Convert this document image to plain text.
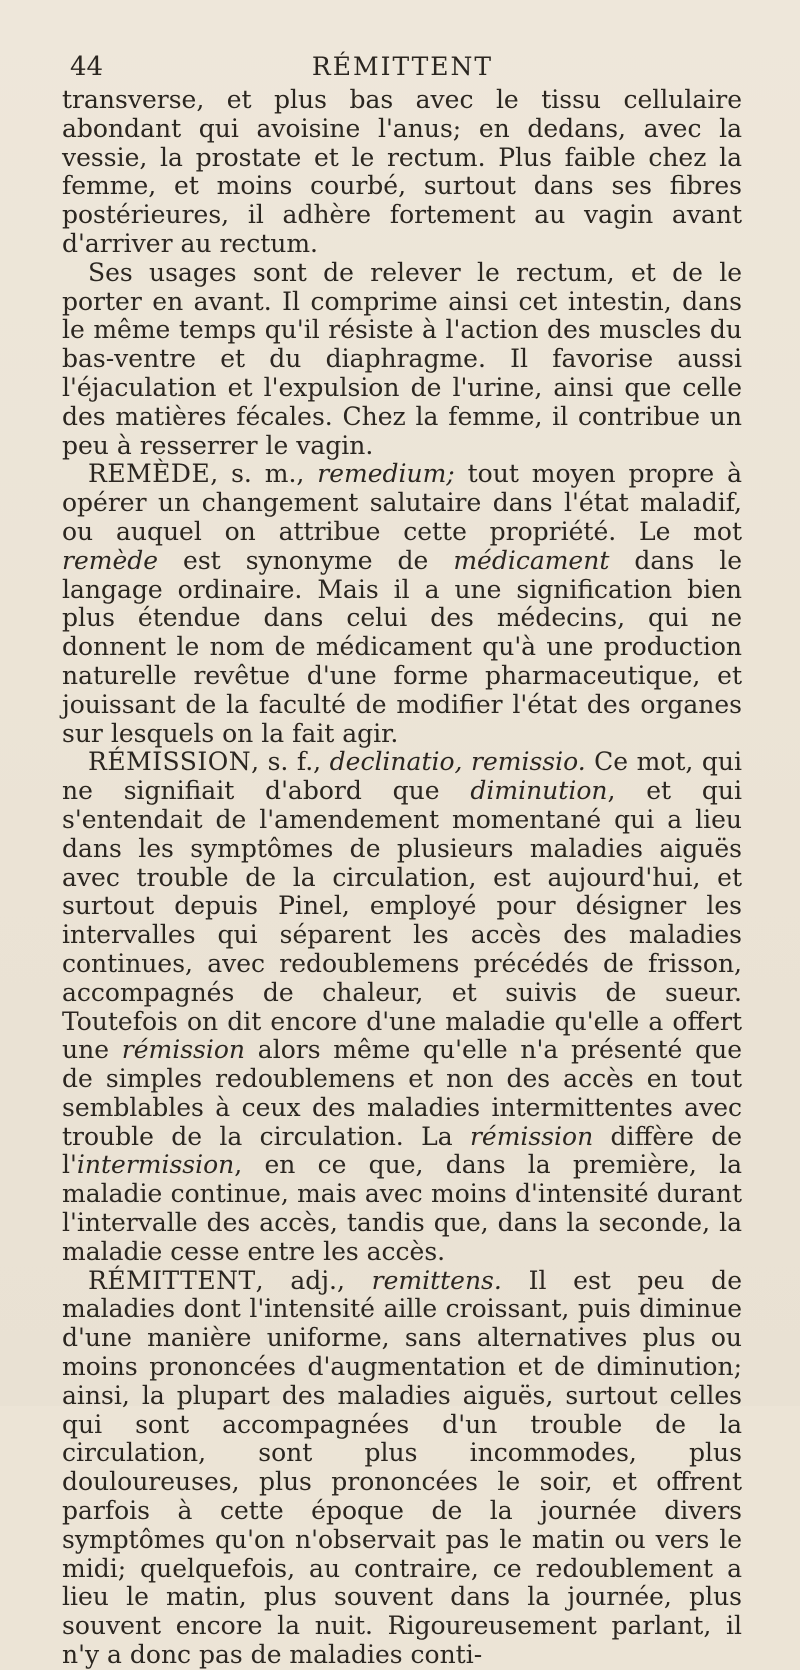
44	RÉMITTENT

transverse, et plus bas avec le tissu cellulaire abondant qui avoisine l'anus; en dedans, avec la vessie, la prostate et le rectum. Plus faible chez la femme, et moins courbé, surtout dans ses fibres postérieures, il adhère fortement au vagin avant d'arriver au rectum.

Ses usages sont de relever le rectum, et de le porter en avant. Il comprime ainsi cet intestin, dans le même temps qu'il résiste à l'action des muscles du bas-ventre et du diaphragme. Il favorise aussi l'éjaculation et l'expulsion de l'urine, ainsi que celle des matières fécales. Chez la femme, il contribue un peu à resserrer le vagin.

REMÈDE, s. m., remedium; tout moyen propre à opérer un changement salutaire dans l'état maladif, ou auquel on attribue cette propriété. Le mot remède est synonyme de médicament dans le langage ordinaire. Mais il a une signification bien plus étendue dans celui des médecins, qui ne donnent le nom de médicament qu'à une production naturelle revêtue d'une forme pharmaceutique, et jouissant de la faculté de modifier l'état des organes sur lesquels on la fait agir.

RÉMISSION, s. f., declinatio, remissio. Ce mot, qui ne signifiait d'abord que diminution, et qui s'entendait de l'amendement momentané qui a lieu dans les symptômes de plusieurs maladies aiguës avec trouble de la circulation, est aujourd'hui, et surtout depuis Pinel, employé pour désigner les intervalles qui séparent les accès des maladies continues, avec redoublemens précédés de frisson, accompagnés de chaleur, et suivis de sueur. Toutefois on dit encore d'une maladie qu'elle a offert une rémission alors même qu'elle n'a présenté que de simples redoublemens et non des accès en tout semblables à ceux des maladies intermittentes avec trouble de la circulation. La rémission diffère de l'intermission, en ce que, dans la première, la maladie continue, mais avec moins d'intensité durant l'intervalle des accès, tandis que, dans la seconde, la maladie cesse entre les accès.

RÉMITTENT, adj., remittens. Il est peu de maladies dont l'intensité aille croissant, puis diminue d'une manière uniforme, sans alternatives plus ou moins prononcées d'augmentation et de diminution; ainsi, la plupart des maladies aiguës, surtout celles qui sont accompagnées d'un trouble de la circulation, sont plus incommodes, plus douloureuses, plus prononcées le soir, et offrent parfois à cette époque de la journée divers symptômes qu'on n'observait pas le matin ou vers le midi; quelquefois, au contraire, ce redoublement a lieu le matin, plus souvent dans la journée, plus souvent encore la nuit. Rigoureusement parlant, il n'y a donc pas de maladies conti-
